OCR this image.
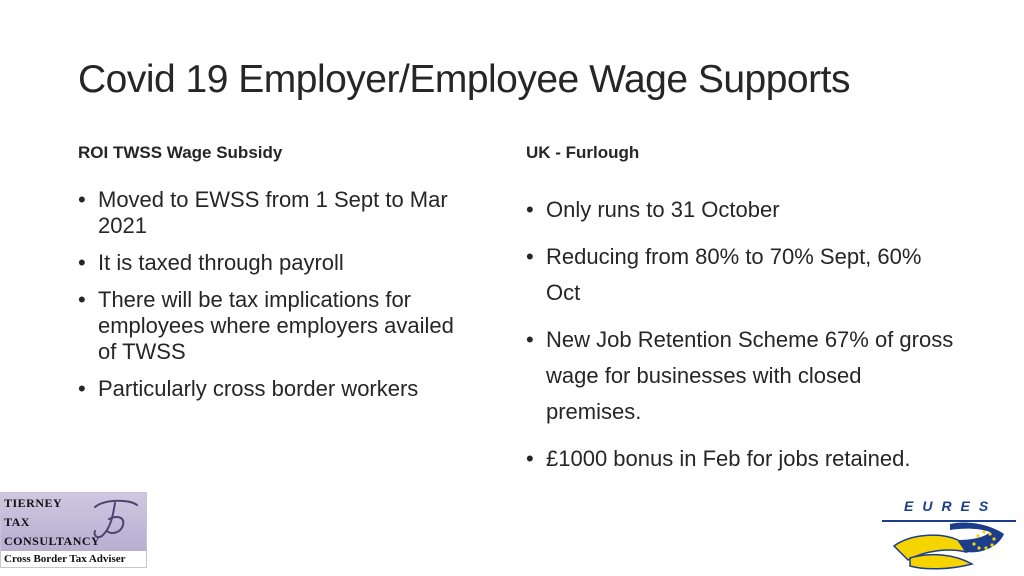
Covid 19 Employer/Employee Wage Supports
ROI TWSS Wage Subsidy	UK - Furlough
• Moved to EWSS from 1 Sept to Mar 2021
• It is taxed through payroll
• There will be tax implications for employees where employers availed of TWSS
• Particularly cross border workers
• Only runs to 31 October
• Reducing from 80% to 70% Sept, 60% Oct
• New Job Retention Scheme 67% of gross wage for businesses with closed premises.
• £1000 bonus in Feb for jobs retained.
TIERNEY
TAX
CONSULTANCY
Cross Border Tax Adviser
EURES
